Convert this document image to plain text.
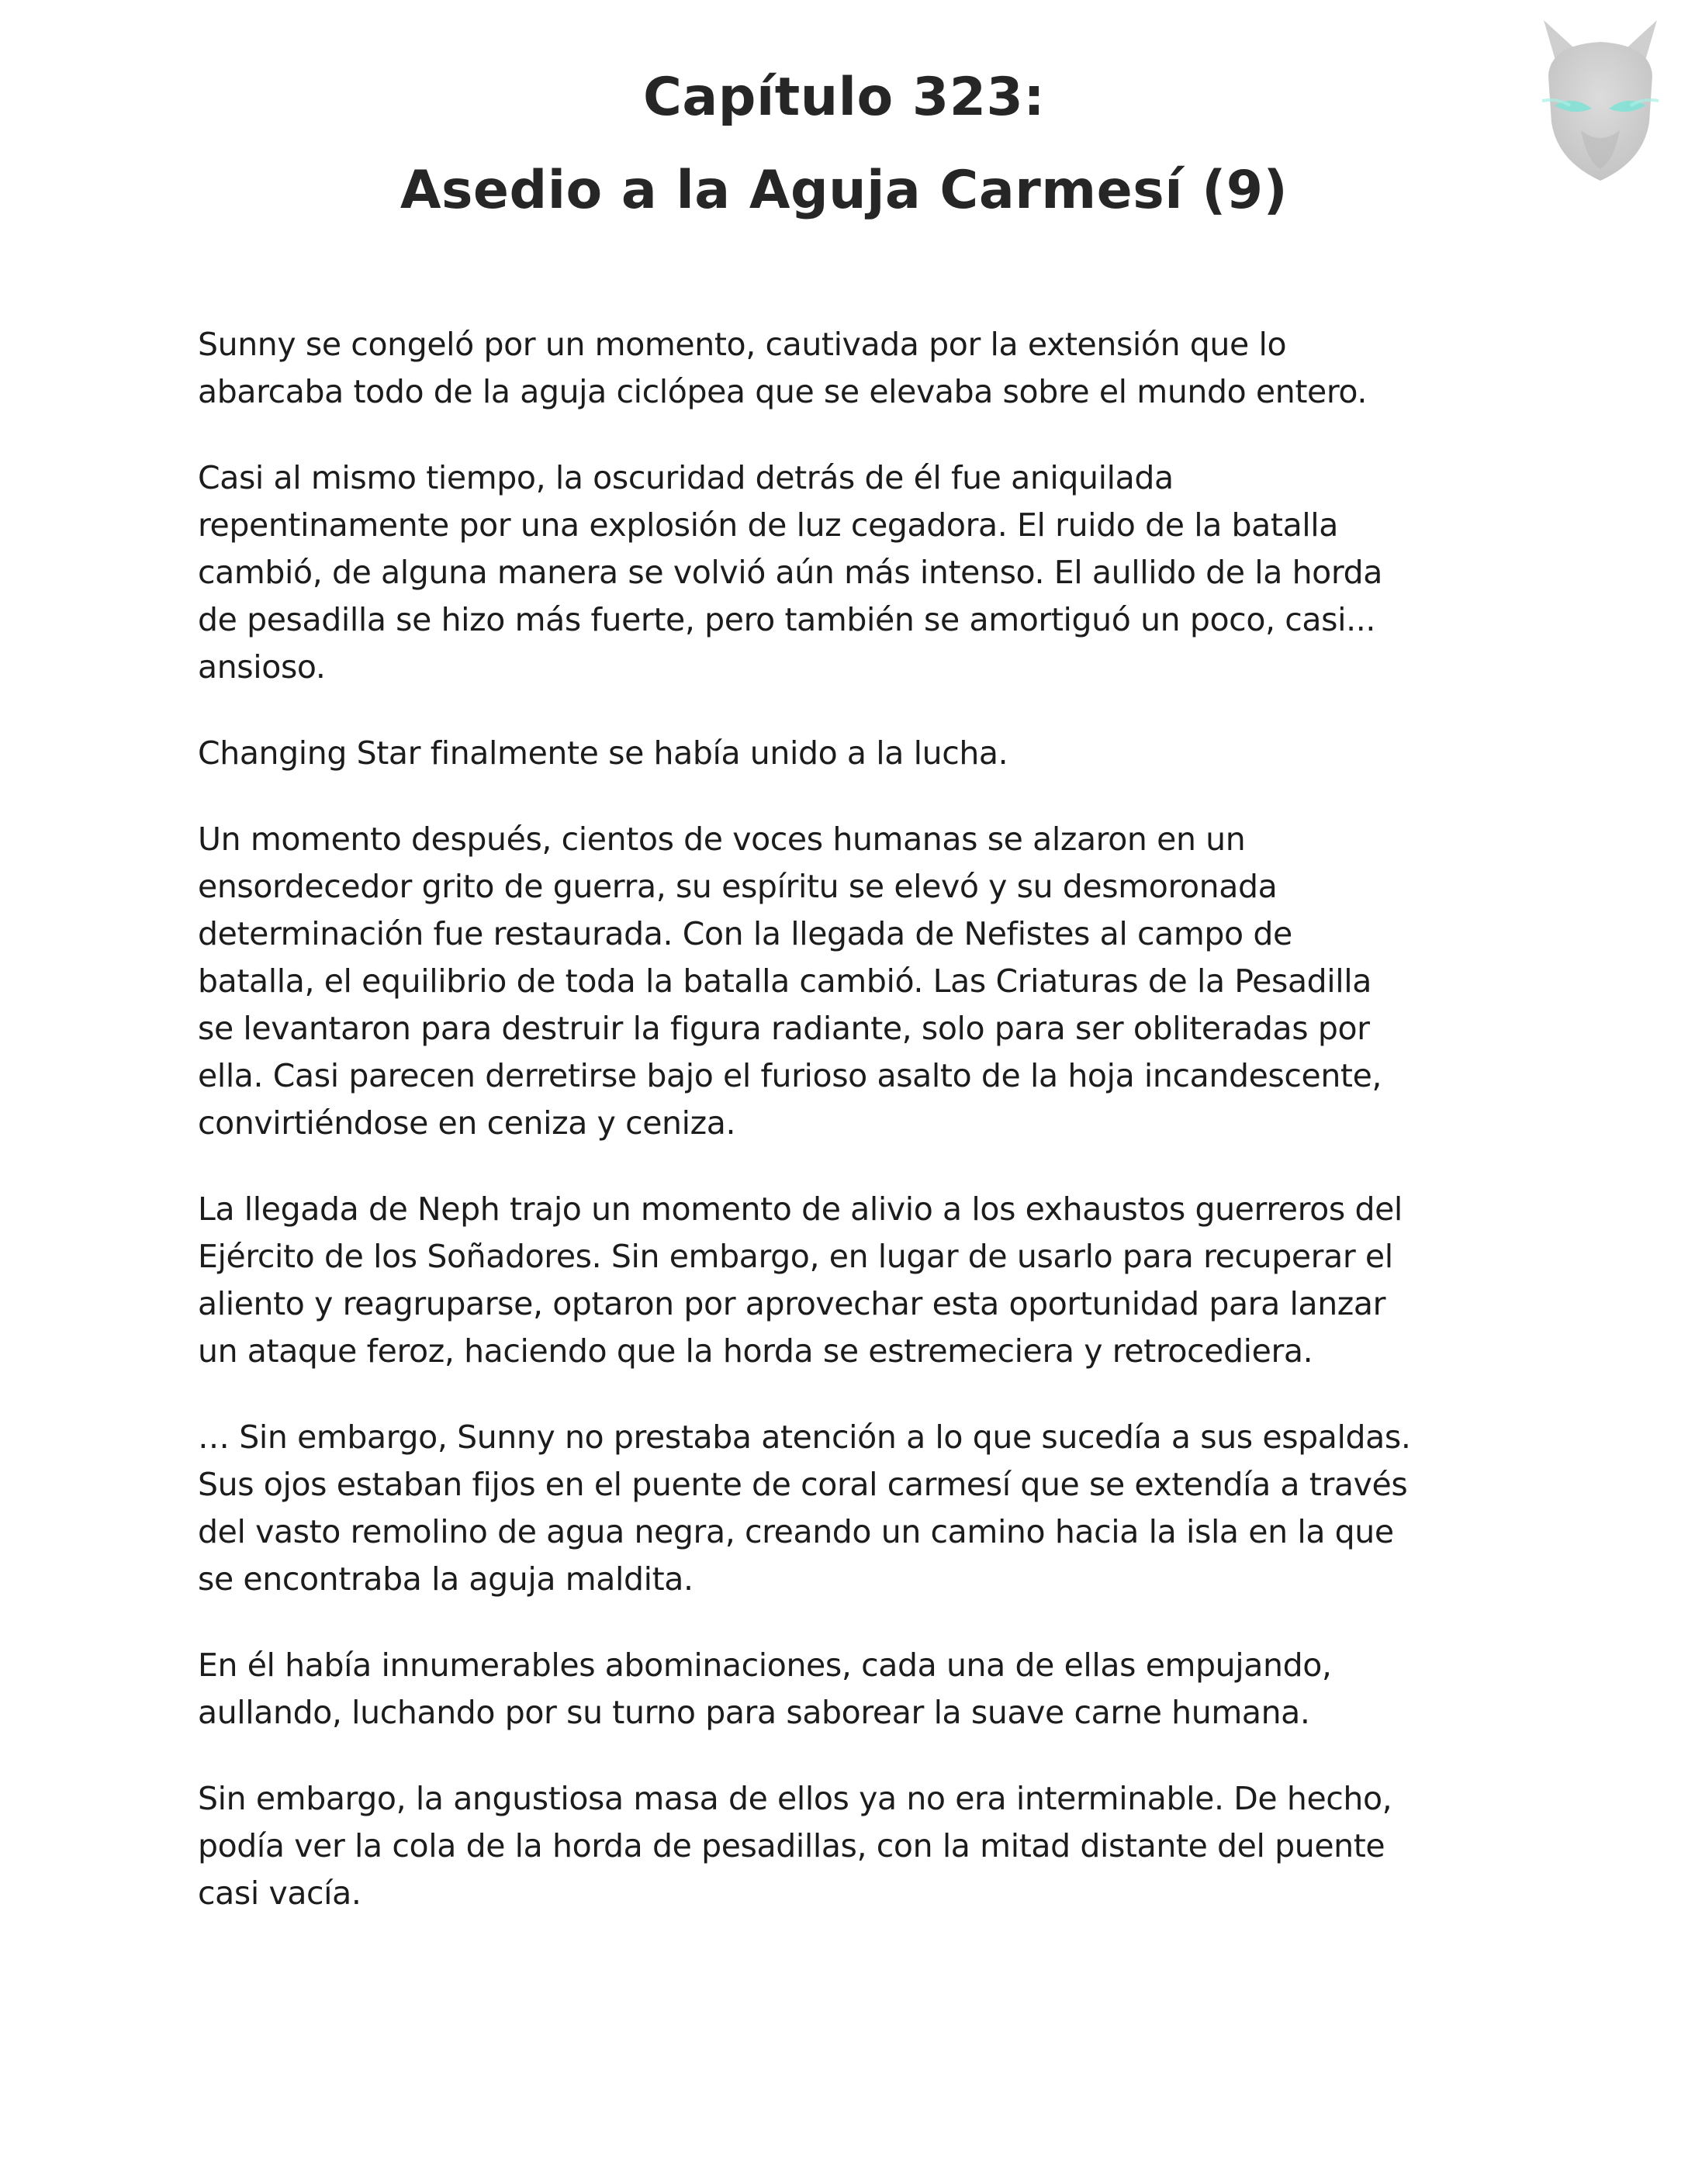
Capítulo 323:
Asedio a la Aguja Carmesí (9)

Sunny se congeló por un momento, cautivada por la extensión que lo
abarcaba todo de la aguja ciclópea que se elevaba sobre el mundo entero.

Casi al mismo tiempo, la oscuridad detrás de él fue aniquilada
repentinamente por una explosión de luz cegadora. El ruido de la batalla
cambió, de alguna manera se volvió aún más intenso. El aullido de la horda
de pesadilla se hizo más fuerte, pero también se amortiguó un poco, casi...
ansioso.

Changing Star finalmente se había unido a la lucha.

Un momento después, cientos de voces humanas se alzaron en un
ensordecedor grito de guerra, su espíritu se elevó y su desmoronada
determinación fue restaurada. Con la llegada de Nefistes al campo de
batalla, el equilibrio de toda la batalla cambió. Las Criaturas de la Pesadilla
se levantaron para destruir la figura radiante, solo para ser obliteradas por
ella. Casi parecen derretirse bajo el furioso asalto de la hoja incandescente,
convirtiéndose en ceniza y ceniza.

La llegada de Neph trajo un momento de alivio a los exhaustos guerreros del
Ejército de los Soñadores. Sin embargo, en lugar de usarlo para recuperar el
aliento y reagruparse, optaron por aprovechar esta oportunidad para lanzar
un ataque feroz, haciendo que la horda se estremeciera y retrocediera.

… Sin embargo, Sunny no prestaba atención a lo que sucedía a sus espaldas.
Sus ojos estaban fijos en el puente de coral carmesí que se extendía a través
del vasto remolino de agua negra, creando un camino hacia la isla en la que
se encontraba la aguja maldita.

En él había innumerables abominaciones, cada una de ellas empujando,
aullando, luchando por su turno para saborear la suave carne humana.

Sin embargo, la angustiosa masa de ellos ya no era interminable. De hecho,
podía ver la cola de la horda de pesadillas, con la mitad distante del puente
casi vacía.
